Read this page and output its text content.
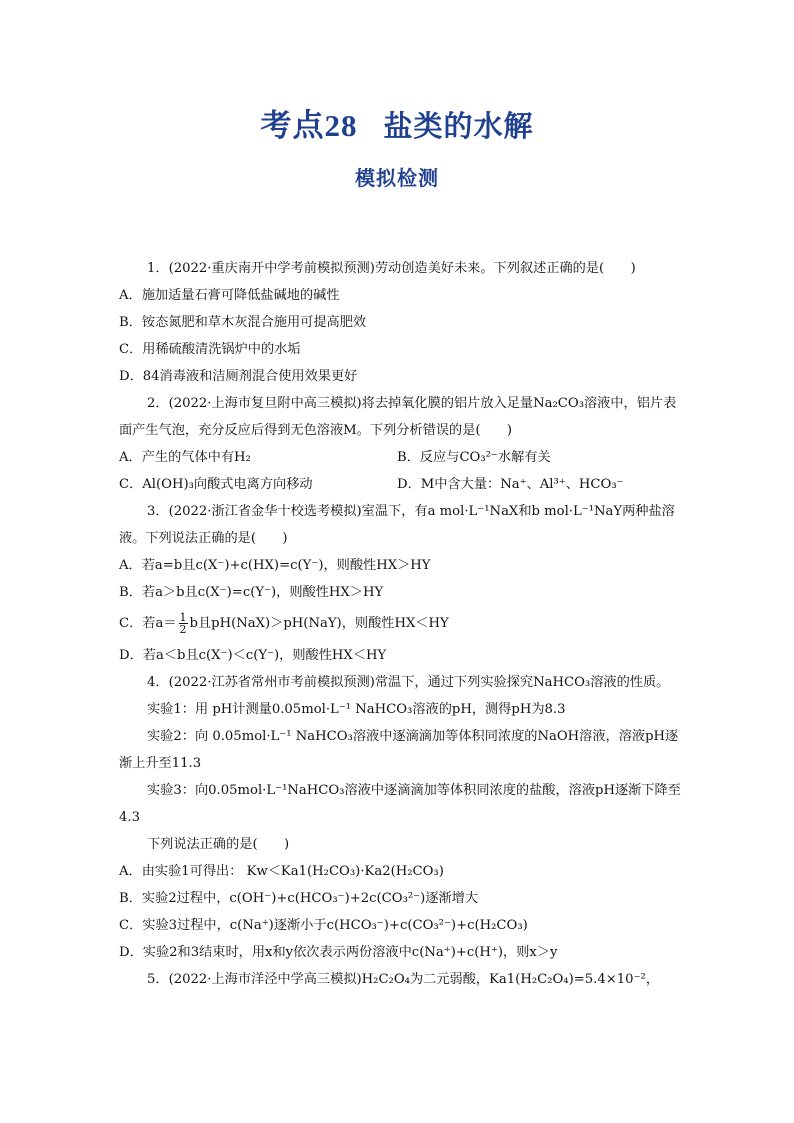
考点28 盐类的水解
模拟检测
1．(2022·重庆南开中学考前模拟预测)劳动创造美好未来。下列叙述正确的是(　　)
A．施加适量石膏可降低盐碱地的碱性
B．铵态氮肥和草木灰混合施用可提高肥效
C．用稀硫酸清洗锅炉中的水垢
D．84消毒液和洁厕剂混合使用效果更好
2．(2022·上海市复旦附中高三模拟)将去掉氧化膜的铝片放入足量Na₂CO₃溶液中，铝片表面产生气泡，充分反应后得到无色溶液M。下列分析错误的是(　　)
A．产生的气体中有H₂	B．反应与CO₃²⁻水解有关
C．Al(OH)₃向酸式电离方向移动	D．M中含大量：Na⁺、Al³⁺、HCO₃⁻
3．(2022·浙江省金华十校选考模拟)室温下，有a mol·L⁻¹NaX和b mol·L⁻¹NaY两种盐溶液。下列说法正确的是(　　)
A．若a=b且c(X⁻)+c(HX)=c(Y⁻)，则酸性HX＞HY
B．若a＞b且c(X⁻)=c(Y⁻)，则酸性HX＞HY
C．若$a= \frac{1}{2}$ b且pH(NaX)＞pH(NaY)，则酸性HX＜HY
D．若a＜b且c(X⁻)＜c(Y⁻)，则酸性HX＜HY
4．(2022·江苏省常州市考前模拟预测)常温下，通过下列实验探究NaHCO₃溶液的性质。
实验1：用 pH计测量0.05mol·L⁻¹ NaHCO₃溶液的pH，测得pH为8.3
实验2：向 0.05mol·L⁻¹ NaHCO₃溶液中逐滴滴加等体积同浓度的NaOH溶液，溶液pH逐渐上升至11.3
实验3：向0.05mol·L⁻¹NaHCO₃溶液中逐滴滴加等体积同浓度的盐酸，溶液pH逐渐下降至4.3
下列说法正确的是(　　)
A．由实验1可得出： Kw＜Ka1(H₂CO₃)·Ka2(H₂CO₃)
B．实验2过程中，c(OH⁻)+c(HCO₃⁻)+2c(CO₃²⁻)逐渐增大
C．实验3过程中，c(Na⁺)逐渐小于c(HCO₃⁻)+c(CO₃²⁻)+c(H₂CO₃)
D．实验2和3结束时，用x和y依次表示两份溶液中c(Na⁺)+c(H⁺)，则x＞y
5．(2022·上海市洋泾中学高三模拟)H₂C₂O₄为二元弱酸，Ka1(H₂C₂O₄)=5.4×10⁻²，
